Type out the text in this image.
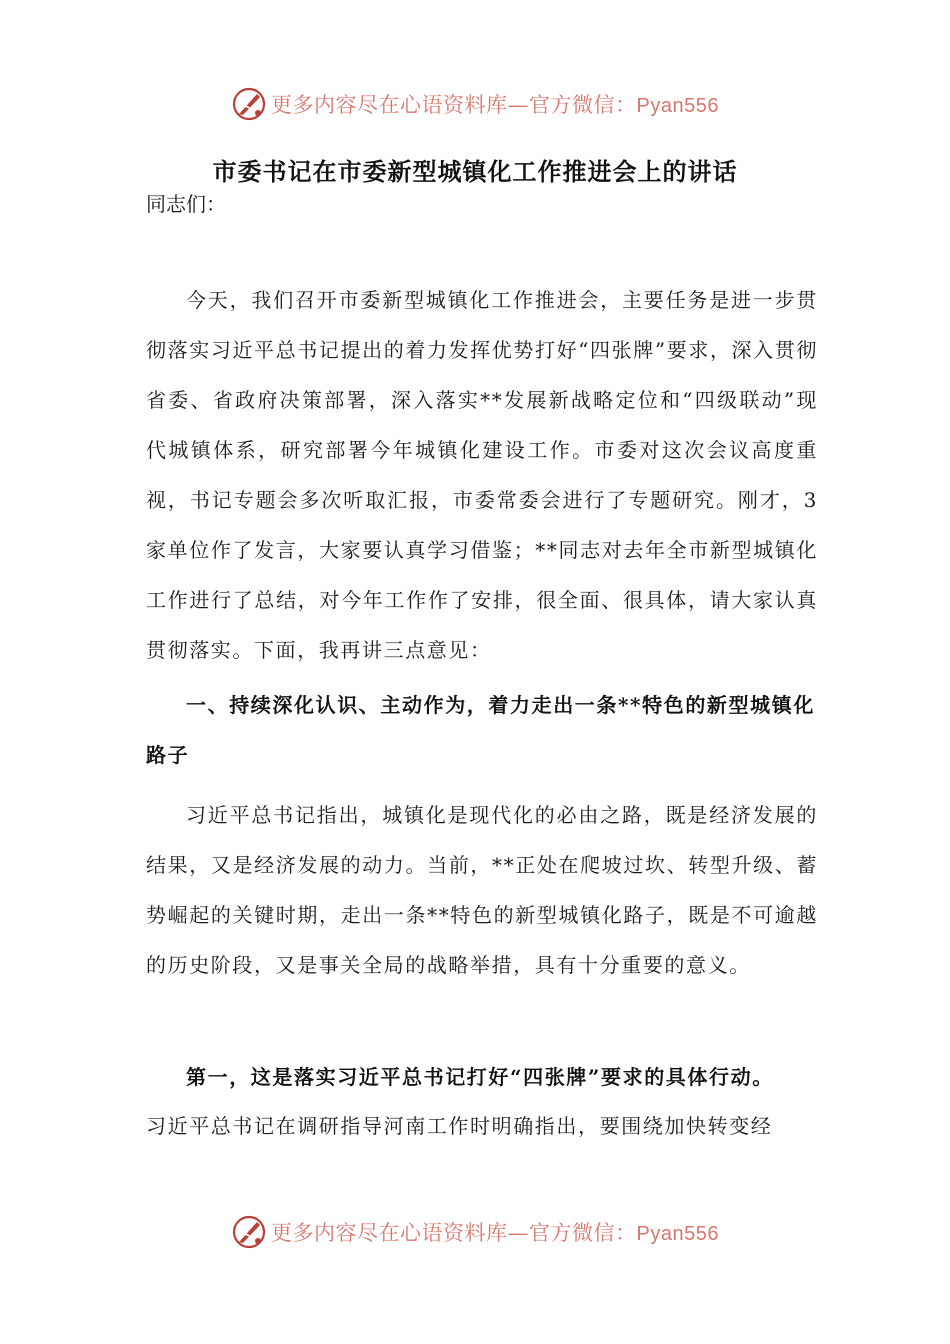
更多内容尽在心语资料库—官方微信：Pyan556
市委书记在市委新型城镇化工作推进会上的讲话
同志们：
今天，我们召开市委新型城镇化工作推进会，主要任务是进一步贯彻落实习近平总书记提出的着力发挥优势打好“四张牌”要求，深入贯彻省委、省政府决策部署，深入落实**发展新战略定位和“四级联动”现代城镇体系，研究部署今年城镇化建设工作。市委对这次会议高度重视，书记专题会多次听取汇报，市委常委会进行了专题研究。刚才，3家单位作了发言，大家要认真学习借鉴；**同志对去年全市新型城镇化工作进行了总结，对今年工作作了安排，很全面、很具体，请大家认真贯彻落实。下面，我再讲三点意见：
一、持续深化认识、主动作为，着力走出一条**特色的新型城镇化路子
习近平总书记指出，城镇化是现代化的必由之路，既是经济发展的结果，又是经济发展的动力。当前，**正处在爬坡过坎、转型升级、蓄势崛起的关键时期，走出一条**特色的新型城镇化路子，既是不可逾越的历史阶段，又是事关全局的战略举措，具有十分重要的意义。
第一，这是落实习近平总书记打好“四张牌”要求的具体行动。
习近平总书记在调研指导河南工作时明确指出，要围绕加快转变经
更多内容尽在心语资料库—官方微信：Pyan556
